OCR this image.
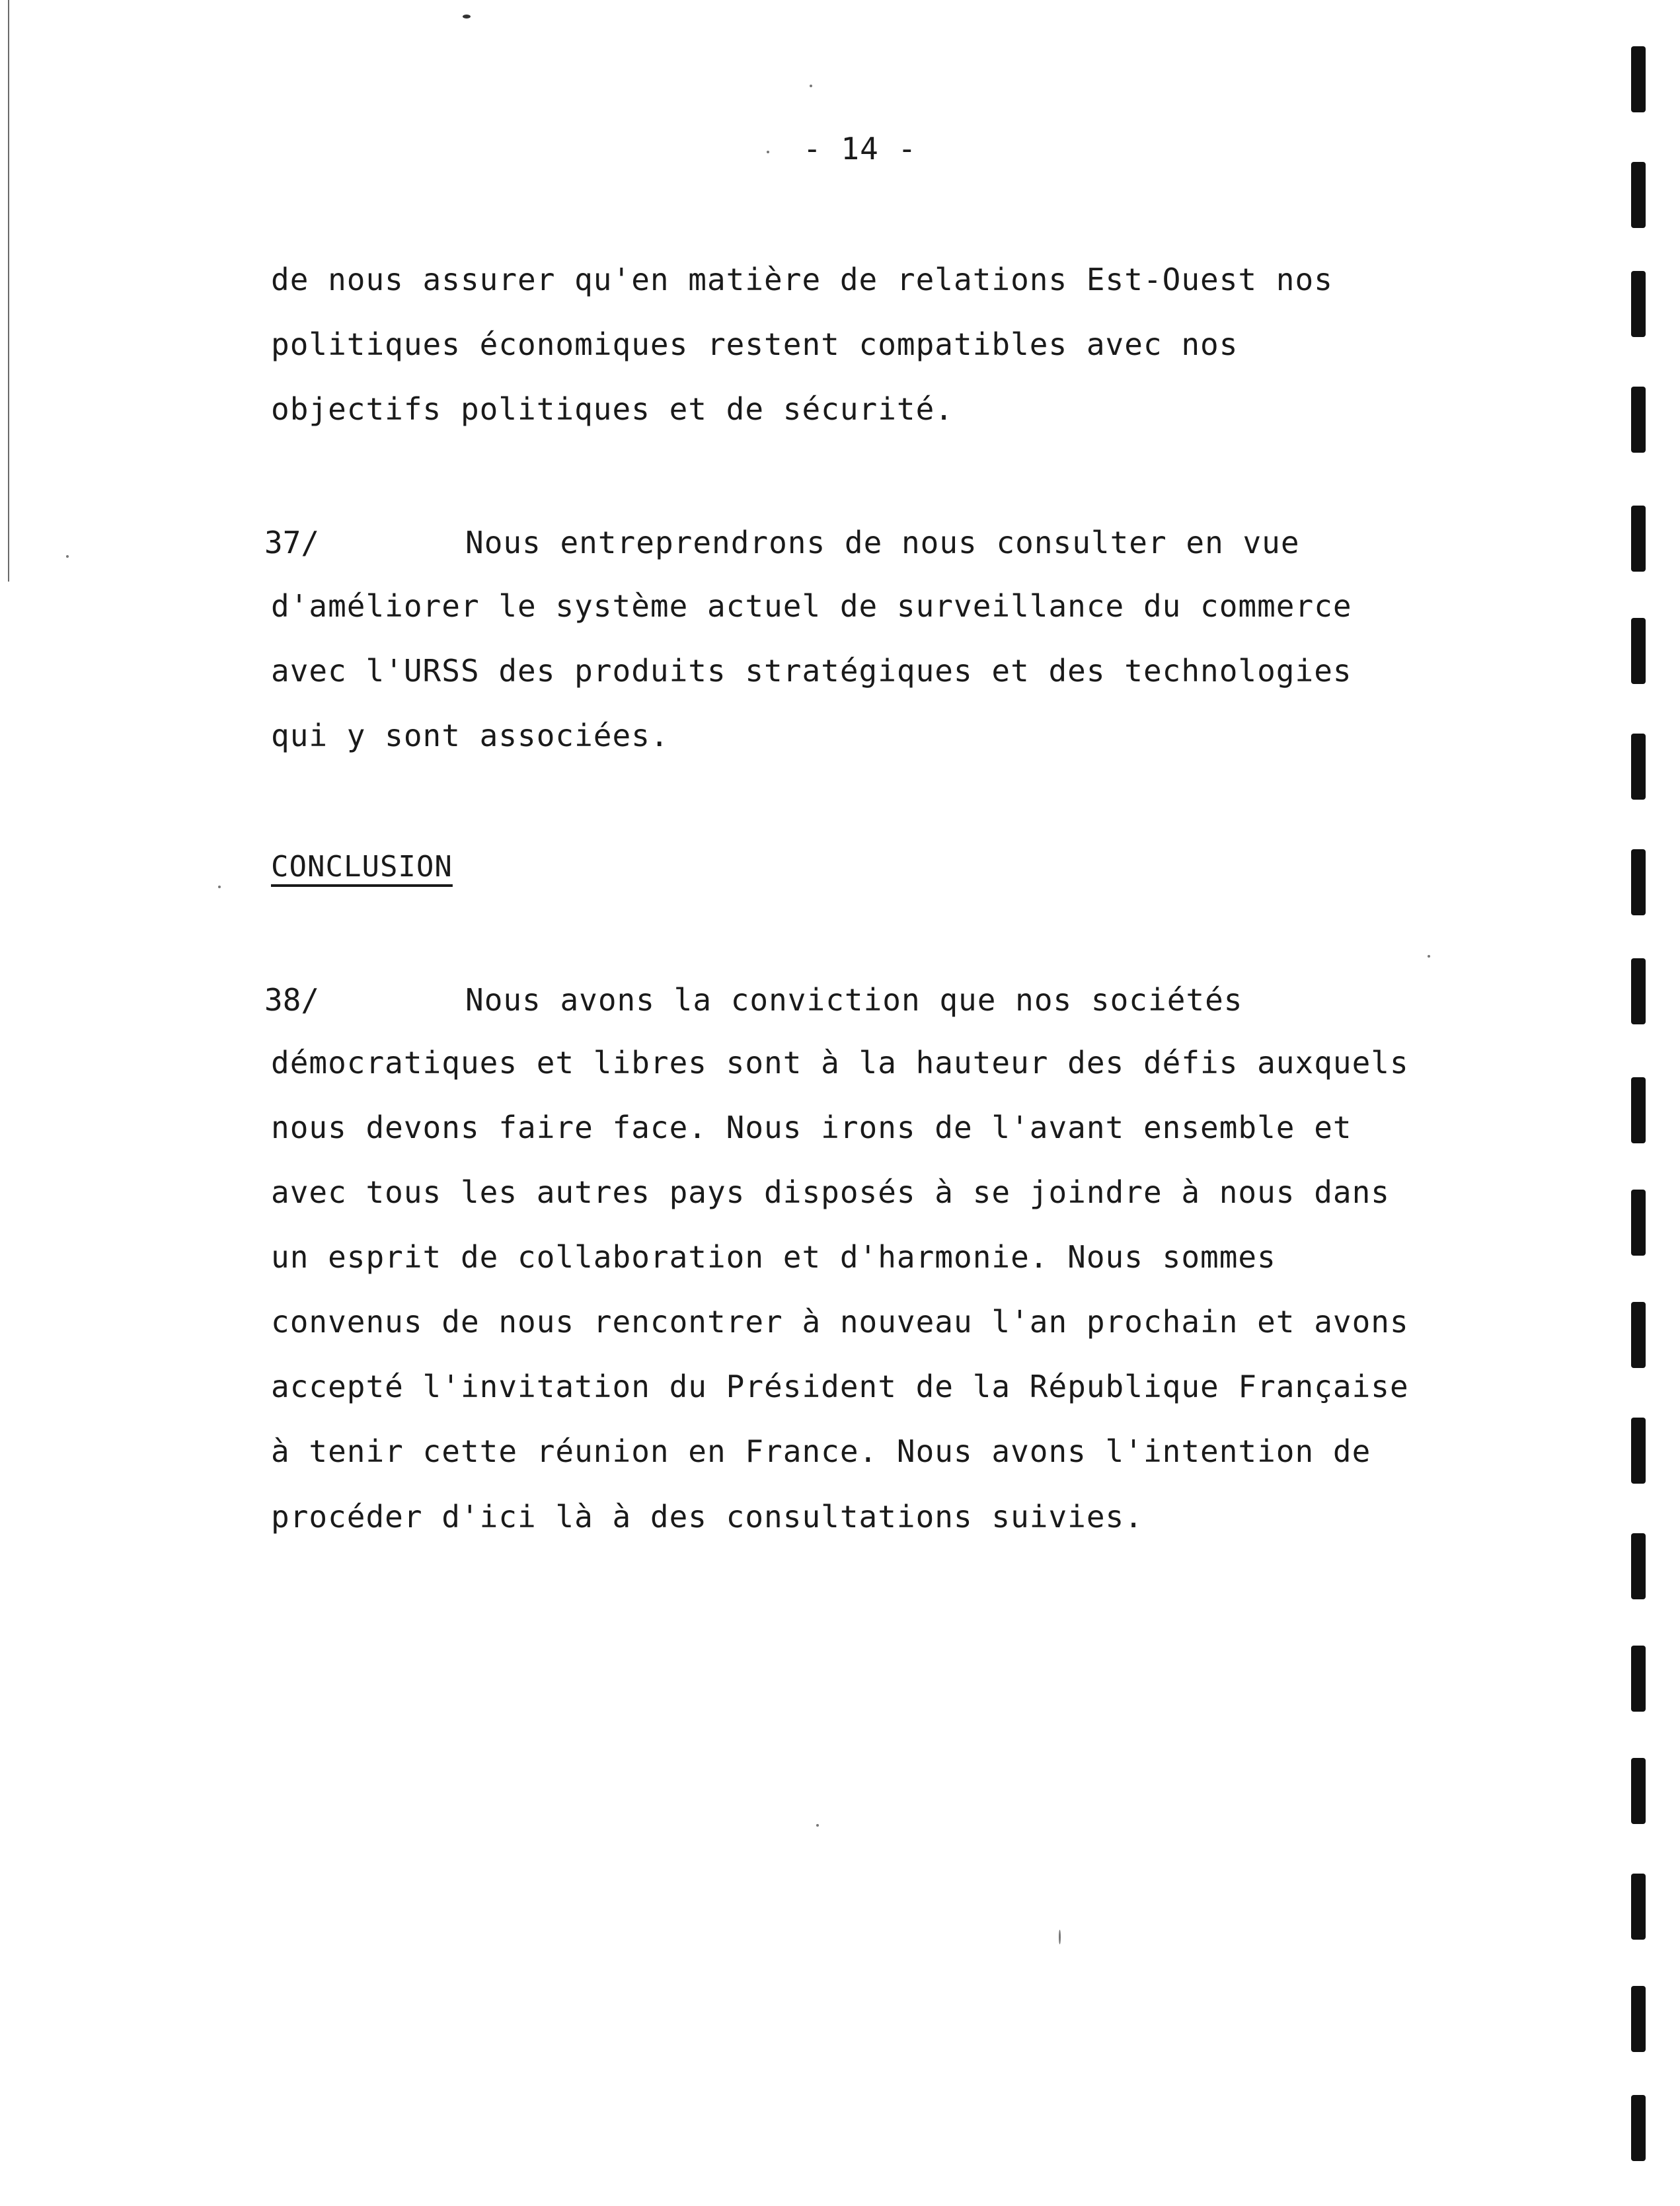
- 14 -
de nous assurer qu'en matière de relations Est-Ouest nos
politiques économiques restent compatibles avec nos
objectifs politiques et de sécurité.
37/	Nous entreprendrons de nous consulter en vue
d'améliorer le système actuel de surveillance du commerce
avec l'URSS des produits stratégiques et des technologies
qui y sont associées.
CONCLUSION
38/	Nous avons la conviction que nos sociétés
démocratiques et libres sont à la hauteur des défis auxquels
nous devons faire face. Nous irons de l'avant ensemble et
avec tous les autres pays disposés à se joindre à nous dans
un esprit de collaboration et d'harmonie. Nous sommes
convenus de nous rencontrer à nouveau l'an prochain et avons
accepté l'invitation du Président de la République Française
à tenir cette réunion en France. Nous avons l'intention de
procéder d'ici là à des consultations suivies.
